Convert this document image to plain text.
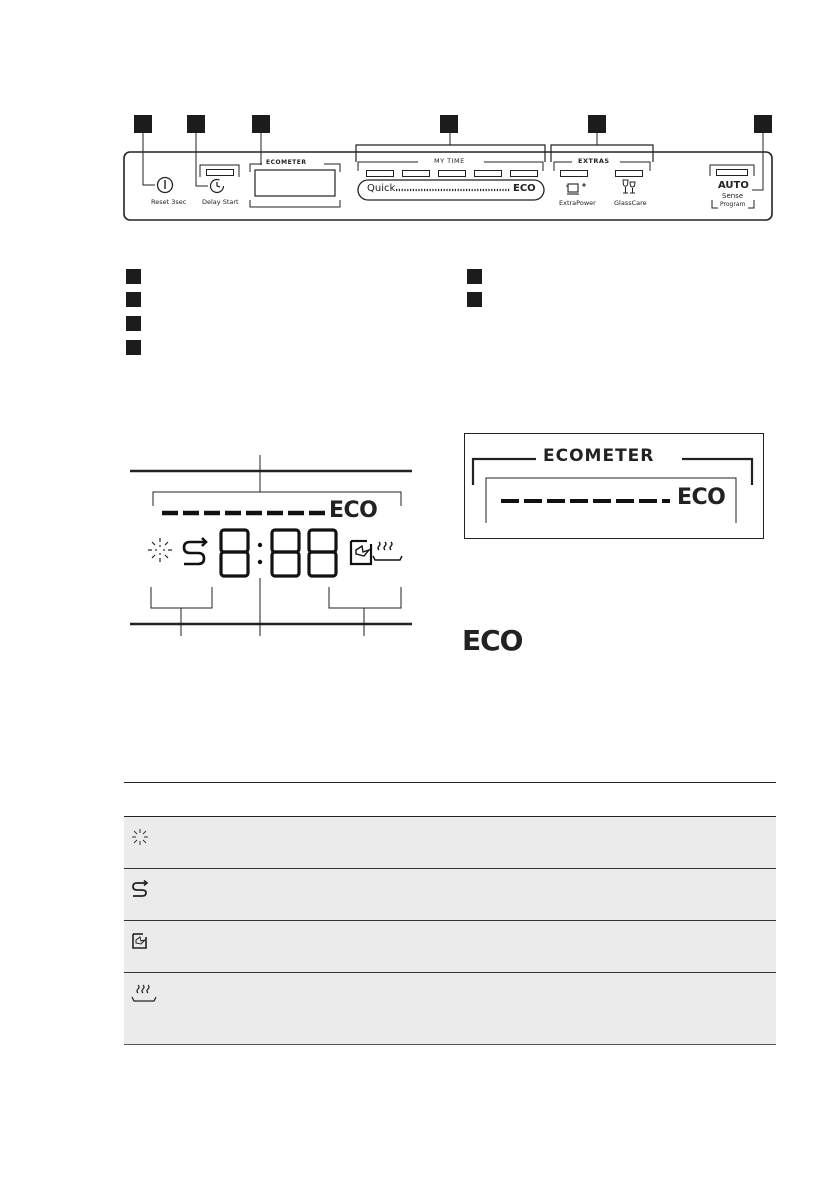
Reset 3sec Delay Start
ECOMETER	MY TIME
Quick	ECO
EXTRAS
ExtraPower	GlassCare
AUTO
Sense
Program
ECO
ECOMETER
ECO
ECO
